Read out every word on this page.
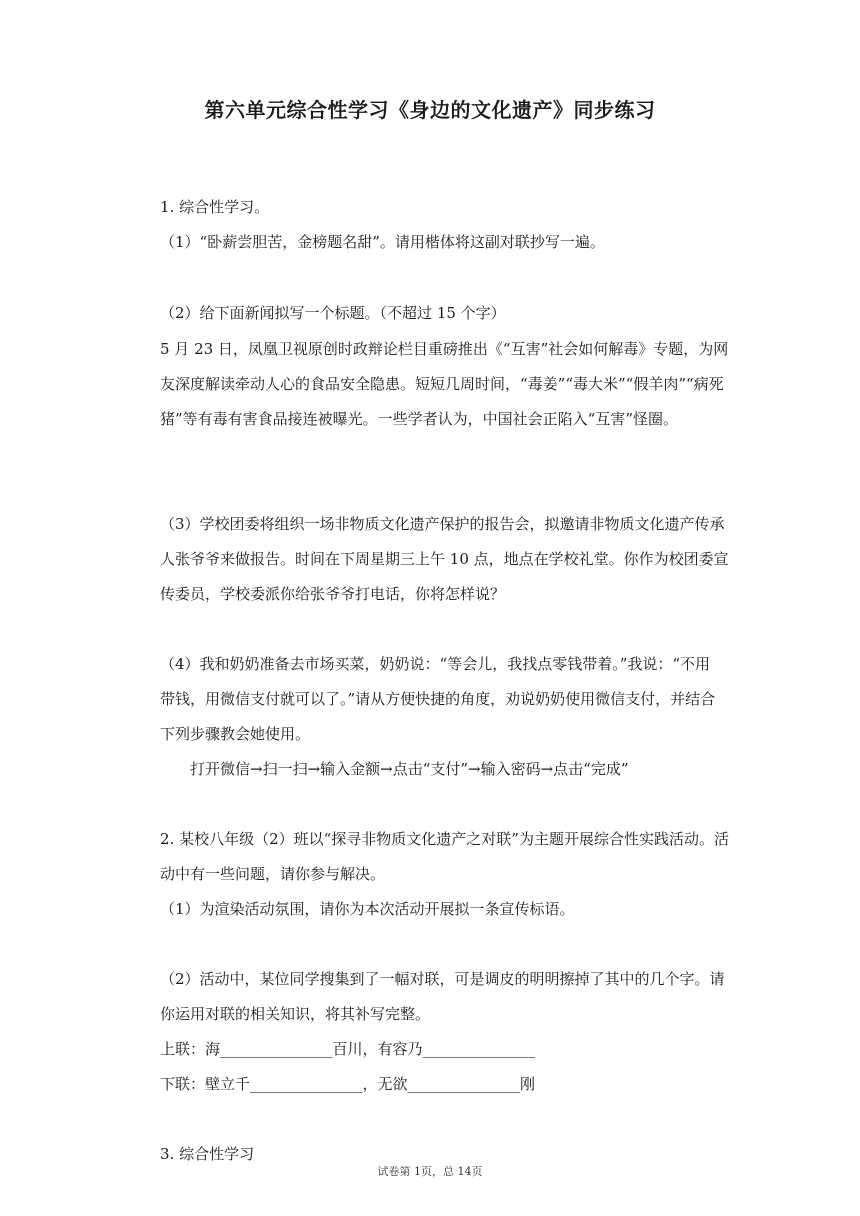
第六单元综合性学习《身边的文化遗产》同步练习
1. 综合性学习。
（1）“卧薪尝胆苦，金榜题名甜”。请用楷体将这副对联抄写一遍。
（2）给下面新闻拟写一个标题。（不超过 15 个字）
5 月 23 日，凤凰卫视原创时政辩论栏目重磅推出《“互害”社会如何解毒》专题，为网
友深度解读牵动人心的食品安全隐患。短短几周时间，“毒姜”“毒大米”“假羊肉”“病死
猪”等有毒有害食品接连被曝光。一些学者认为，中国社会正陷入“互害”怪圈。
（3）学校团委将组织一场非物质文化遗产保护的报告会，拟邀请非物质文化遗产传承
人张爷爷来做报告。时间在下周星期三上午 10 点，地点在学校礼堂。你作为校团委宣
传委员，学校委派你给张爷爷打电话，你将怎样说？
（4）我和奶奶准备去市场买菜，奶奶说：“等会儿，我找点零钱带着。”我说：“不用
带钱，用微信支付就可以了。”请从方便快捷的角度，劝说奶奶使用微信支付，并结合
下列步骤教会她使用。
打开微信→扫一扫→输入金额→点击“支付”→输入密码→点击“完成”
2. 某校八年级（2）班以“探寻非物质文化遗产之对联”为主题开展综合性实践活动。活
动中有一些问题，请你参与解决。
（1）为渲染活动氛围，请你为本次活动开展拟一条宣传标语。
（2）活动中，某位同学搜集到了一幅对联，可是调皮的明明擦掉了其中的几个字。请
你运用对联的相关知识，将其补写完整。
上联：海_______________百川，有容乃_______________
下联：壁立千_______________，无欲_______________刚
3. 综合性学习
试卷第 1页，总 14页
